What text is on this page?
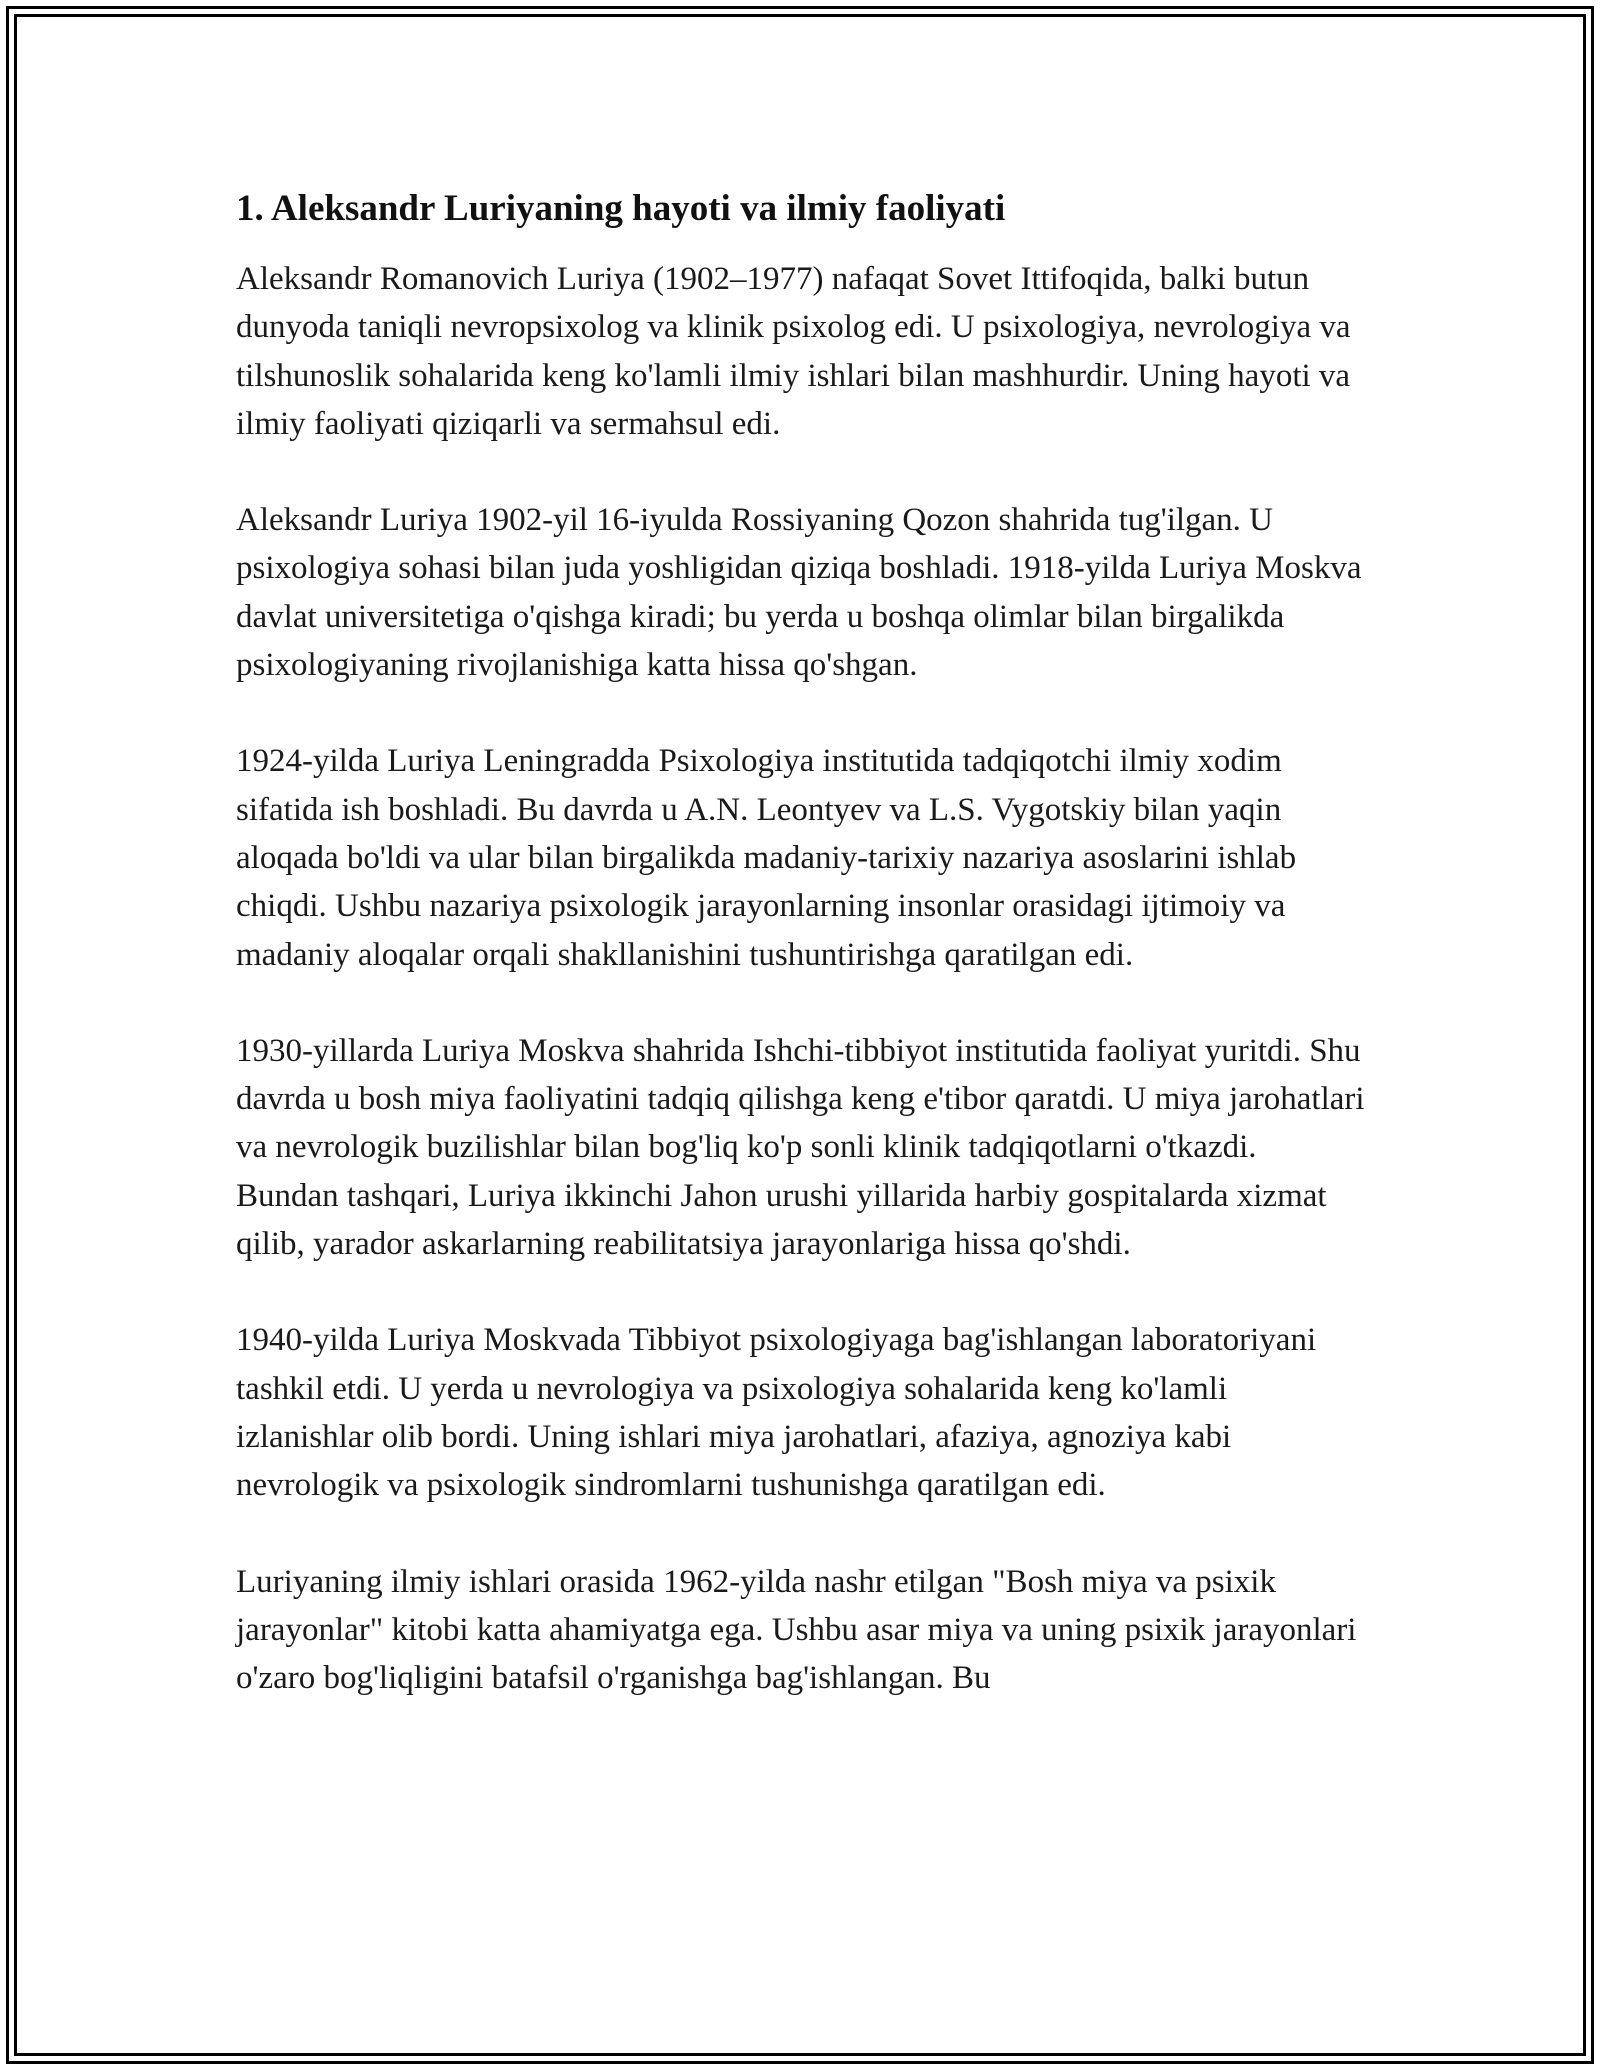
1. Aleksandr Luriyaning hayoti va ilmiy faoliyati

Aleksandr Romanovich Luriya (1902–1977) nafaqat Sovet Ittifoqida, balki butun dunyoda taniqli nevropsixolog va klinik psixolog edi. U psixologiya, nevrologiya va tilshunoslik sohalarida keng ko'lamli ilmiy ishlari bilan mashhurdir. Uning hayoti va ilmiy faoliyati qiziqarli va sermahsul edi.

Aleksandr Luriya 1902-yil 16-iyulda Rossiyaning Qozon shahrida tug'ilgan. U psixologiya sohasi bilan juda yoshligidan qiziqa boshladi. 1918-yilda Luriya Moskva davlat universitetiga o'qishga kiradi; bu yerda u boshqa olimlar bilan birgalikda psixologiyaning rivojlanishiga katta hissa qo'shgan.

1924-yilda Luriya Leningradda Psixologiya institutida tadqiqotchi ilmiy xodim sifatida ish boshladi. Bu davrda u A.N. Leontyev va L.S. Vygotskiy bilan yaqin aloqada bo'ldi va ular bilan birgalikda madaniy-tarixiy nazariya asoslarini ishlab chiqdi. Ushbu nazariya psixologik jarayonlarning insonlar orasidagi ijtimoiy va madaniy aloqalar orqali shakllanishini tushuntirishga qaratilgan edi.

1930-yillarda Luriya Moskva shahrida Ishchi-tibbiyot institutida faoliyat yuritdi. Shu davrda u bosh miya faoliyatini tadqiq qilishga keng e'tibor qaratdi. U miya jarohatlari va nevrologik buzilishlar bilan bog'liq ko'p sonli klinik tadqiqotlarni o'tkazdi. Bundan tashqari, Luriya ikkinchi Jahon urushi yillarida harbiy gospitalarda xizmat qilib, yarador askarlarning reabilitatsiya jarayonlariga hissa qo'shdi.

1940-yilda Luriya Moskvada Tibbiyot psixologiyaga bag'ishlangan laboratoriyani tashkil etdi. U yerda u nevrologiya va psixologiya sohalarida keng ko'lamli izlanishlar olib bordi. Uning ishlari miya jarohatlari, afaziya, agnoziya kabi nevrologik va psixologik sindromlarni tushunishga qaratilgan edi.

Luriyaning ilmiy ishlari orasida 1962-yilda nashr etilgan "Bosh miya va psixik jarayonlar" kitobi katta ahamiyatga ega. Ushbu asar miya va uning psixik jarayonlari o'zaro bog'liqligini batafsil o'rganishga bag'ishlangan. Bu
